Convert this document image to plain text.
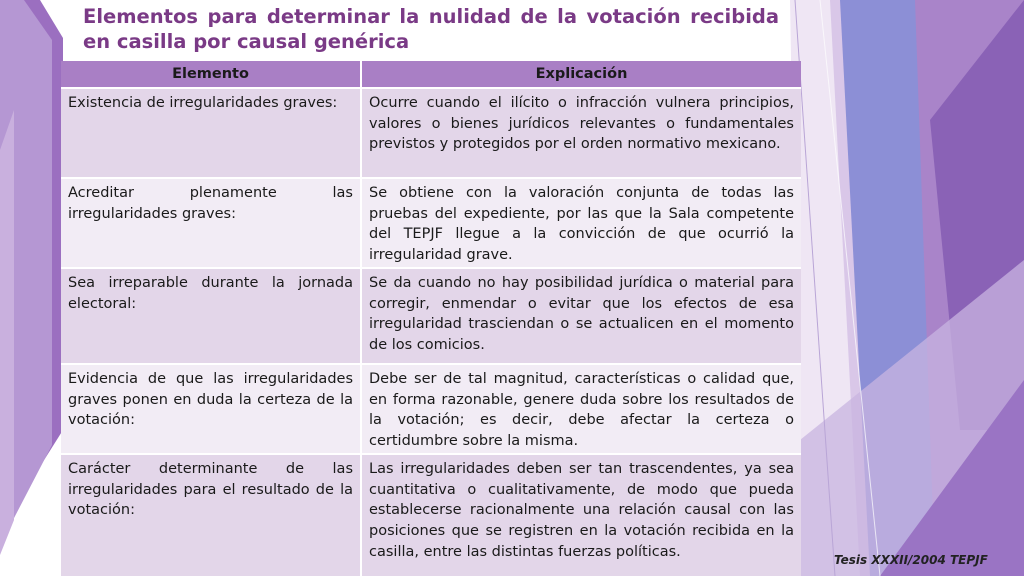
Elementos para determinar la nulidad de la votación recibida en casilla por causal genérica
Elemento	Explicación
Existencia de irregularidades graves:	Ocurre cuando el ilícito o infracción vulnera principios, valores o bienes jurídicos relevantes o fundamentales previstos y protegidos por el orden normativo mexicano.
Acreditar plenamente las irregularidades graves:	Se obtiene con la valoración conjunta de todas las pruebas del expediente, por las que la Sala competente del TEPJF llegue a la convicción de que ocurrió la irregularidad grave.
Sea irreparable durante la jornada electoral:	Se da cuando no hay posibilidad jurídica o material para corregir, enmendar o evitar que los efectos de esa irregularidad trasciendan o se actualicen en el momento de los comicios.
Evidencia de que las irregularidades graves ponen en duda la certeza de la votación:	Debe ser de tal magnitud, características o calidad que, en forma razonable, genere duda sobre los resultados de la votación; es decir, debe afectar la certeza o certidumbre sobre la misma.
Carácter determinante de las irregularidades para el resultado de la votación:	Las irregularidades deben ser tan trascendentes, ya sea cuantitativa o cualitativamente, de modo que pueda establecerse racionalmente una relación causal con las posiciones que se registren en la votación recibida en la casilla, entre las distintas fuerzas políticas.
Tesis XXXII/2004 TEPJF
